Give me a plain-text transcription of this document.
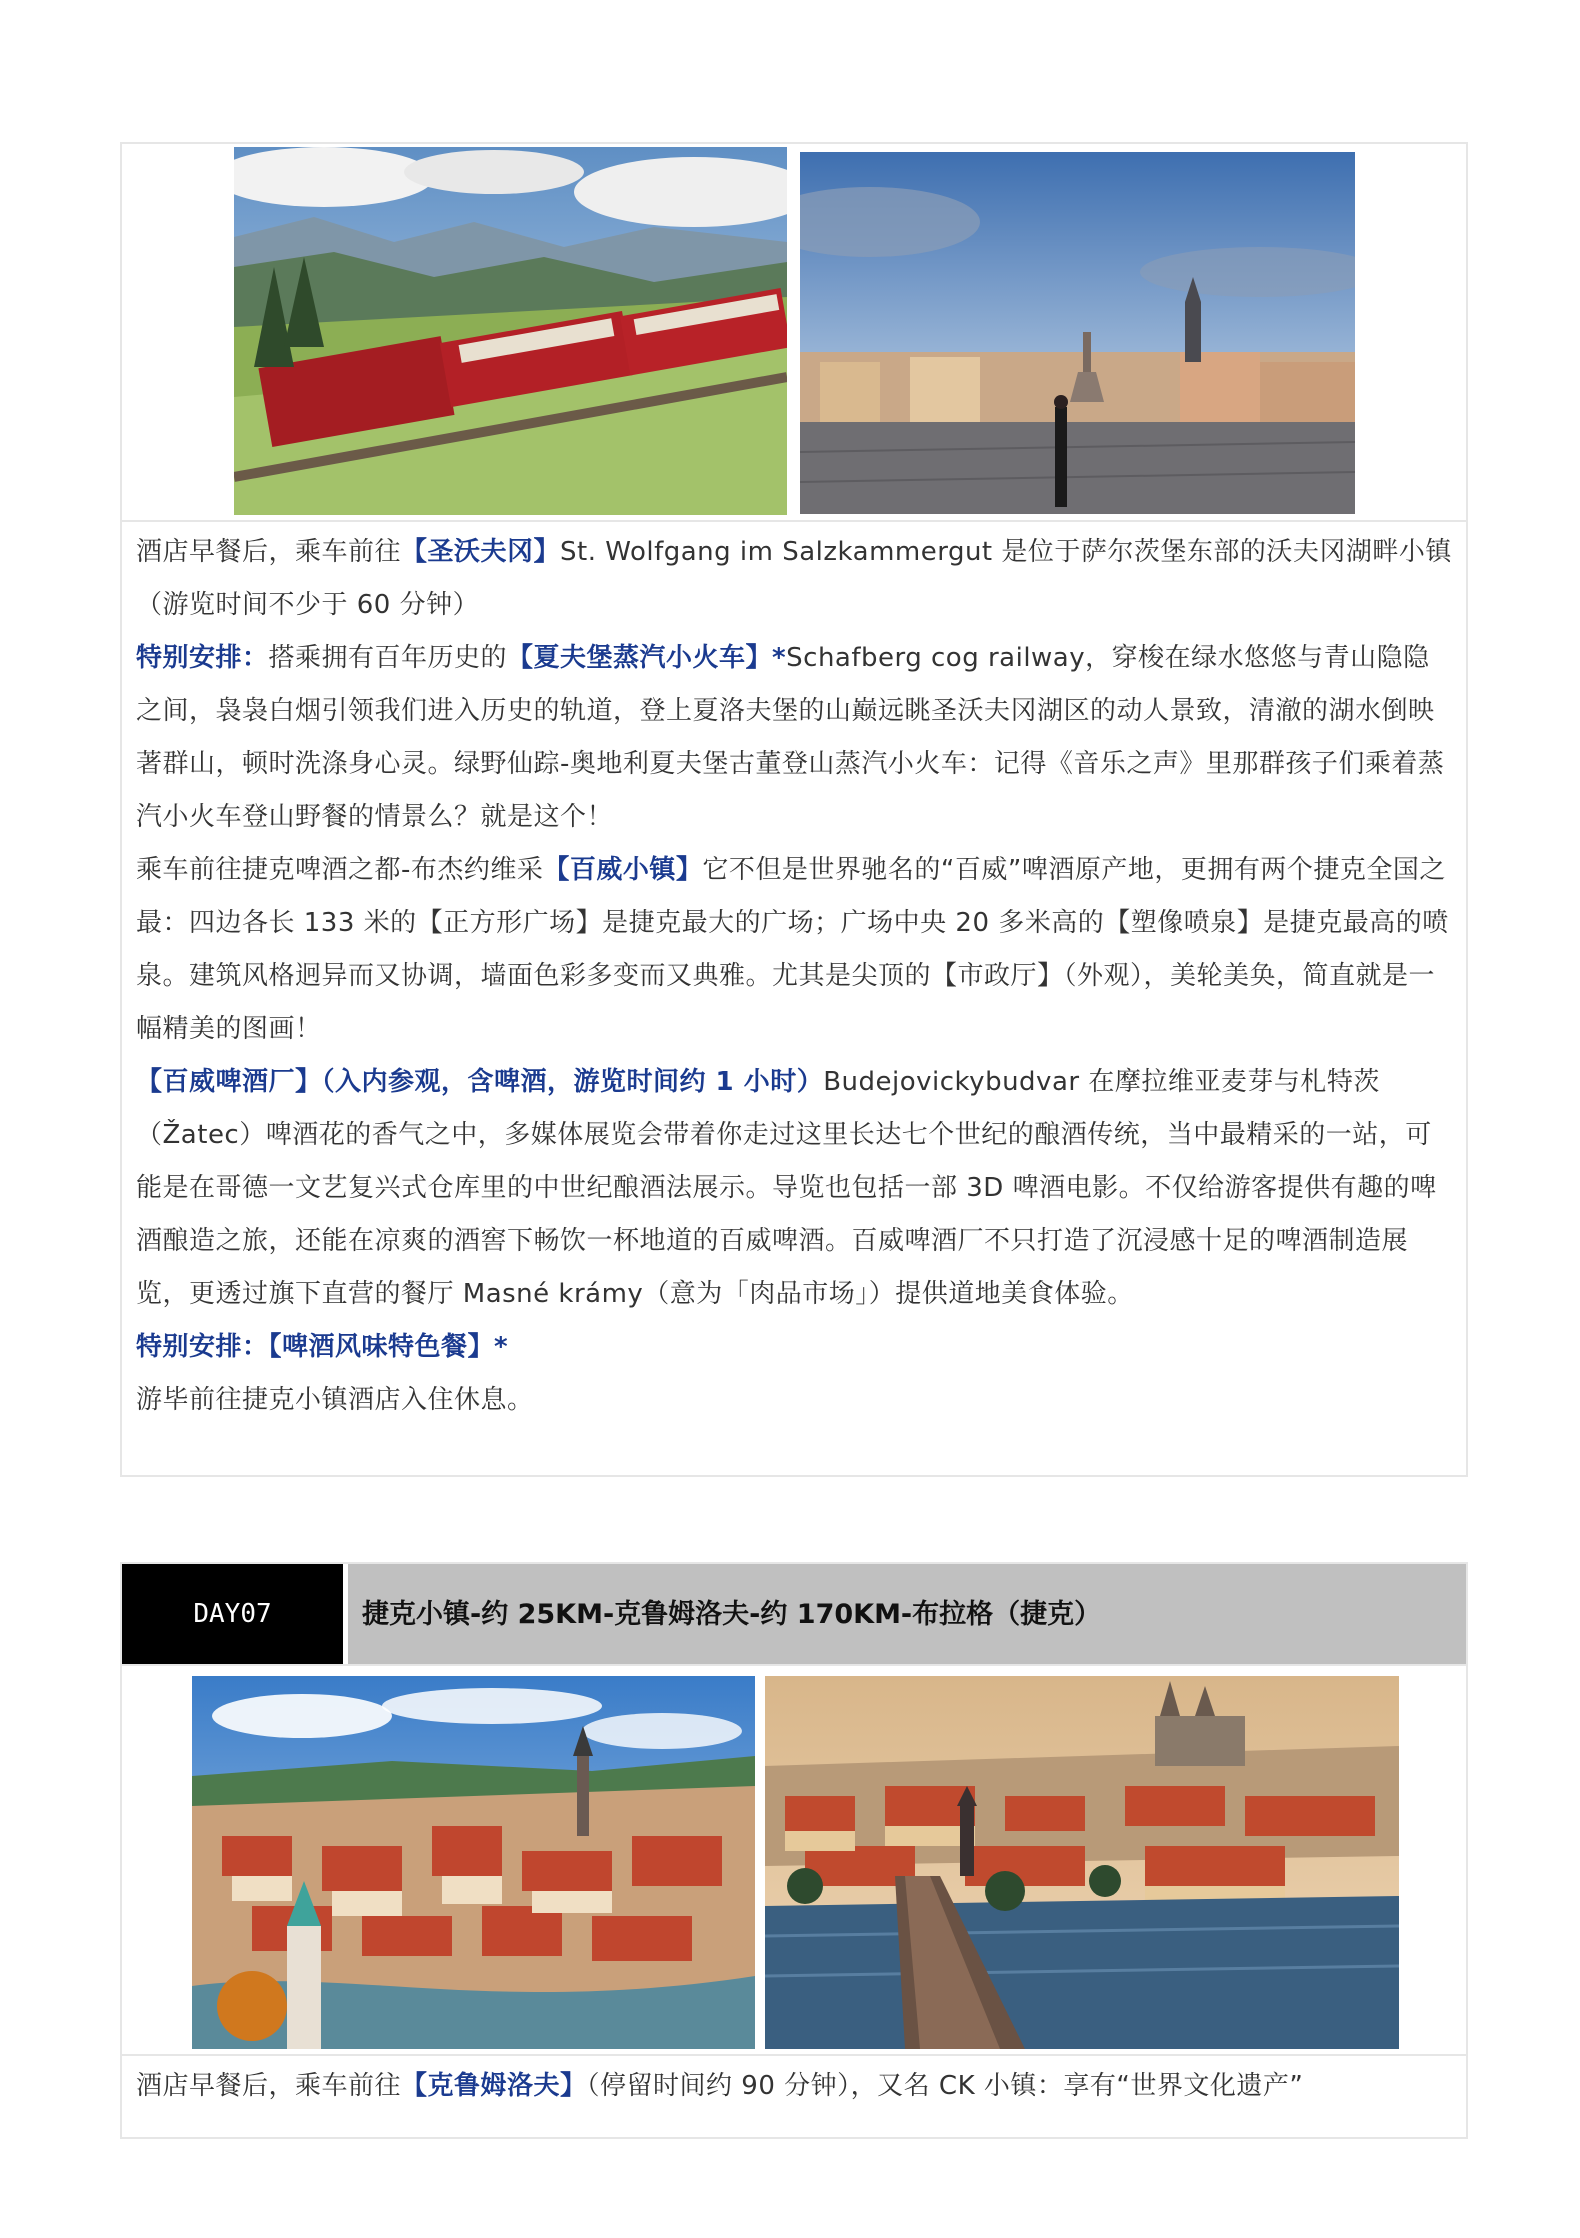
酒店早餐后，乘车前往【圣沃夫冈】St. Wolfgang im Salzkammergut 是位于萨尔茨堡东部的沃夫冈湖畔小镇（游览时间不少于 60 分钟）

特别安排：搭乘拥有百年历史的【夏夫堡蒸汽小火车】*Schafberg cog railway，穿梭在绿水悠悠与青山隐隐之间，袅袅白烟引领我们进入历史的轨道，登上夏洛夫堡的山巅远眺圣沃夫冈湖区的动人景致，清澈的湖水倒映著群山，顿时洗涤身心灵。绿野仙踪-奥地利夏夫堡古董登山蒸汽小火车：记得《音乐之声》里那群孩子们乘着蒸汽小火车登山野餐的情景么？就是这个！

乘车前往捷克啤酒之都-布杰约维采【百威小镇】它不但是世界驰名的“百威”啤酒原产地，更拥有两个捷克全国之最：四边各长 133 米的【正方形广场】是捷克最大的广场；广场中央 20 多米高的【塑像喷泉】是捷克最高的喷泉。建筑风格迥异而又协调，墙面色彩多变而又典雅。尤其是尖顶的【市政厅】（外观），美轮美奂，简直就是一幅精美的图画！

【百威啤酒厂】（入内参观，含啤酒，游览时间约 1 小时）Budejovickybudvar 在摩拉维亚麦芽与札特茨（Žatec）啤酒花的香气之中，多媒体展览会带着你走过这里长达七个世纪的酿酒传统，当中最精采的一站，可能是在哥德一文艺复兴式仓库里的中世纪酿酒法展示。导览也包括一部 3D 啤酒电影。不仅给游客提供有趣的啤酒酿造之旅，还能在凉爽的酒窖下畅饮一杯地道的百威啤酒。百威啤酒厂不只打造了沉浸感十足的啤酒制造展览，更透过旗下直营的餐厅 Masné krámy（意为「肉品市场」）提供道地美食体验。

特别安排：【啤酒风味特色餐】*

游毕前往捷克小镇酒店入住休息。

DAY07	捷克小镇-约 25KM-克鲁姆洛夫-约 170KM-布拉格（捷克）

酒店早餐后，乘车前往【克鲁姆洛夫】（停留时间约 90 分钟），又名 CK 小镇：享有“世界文化遗产”
